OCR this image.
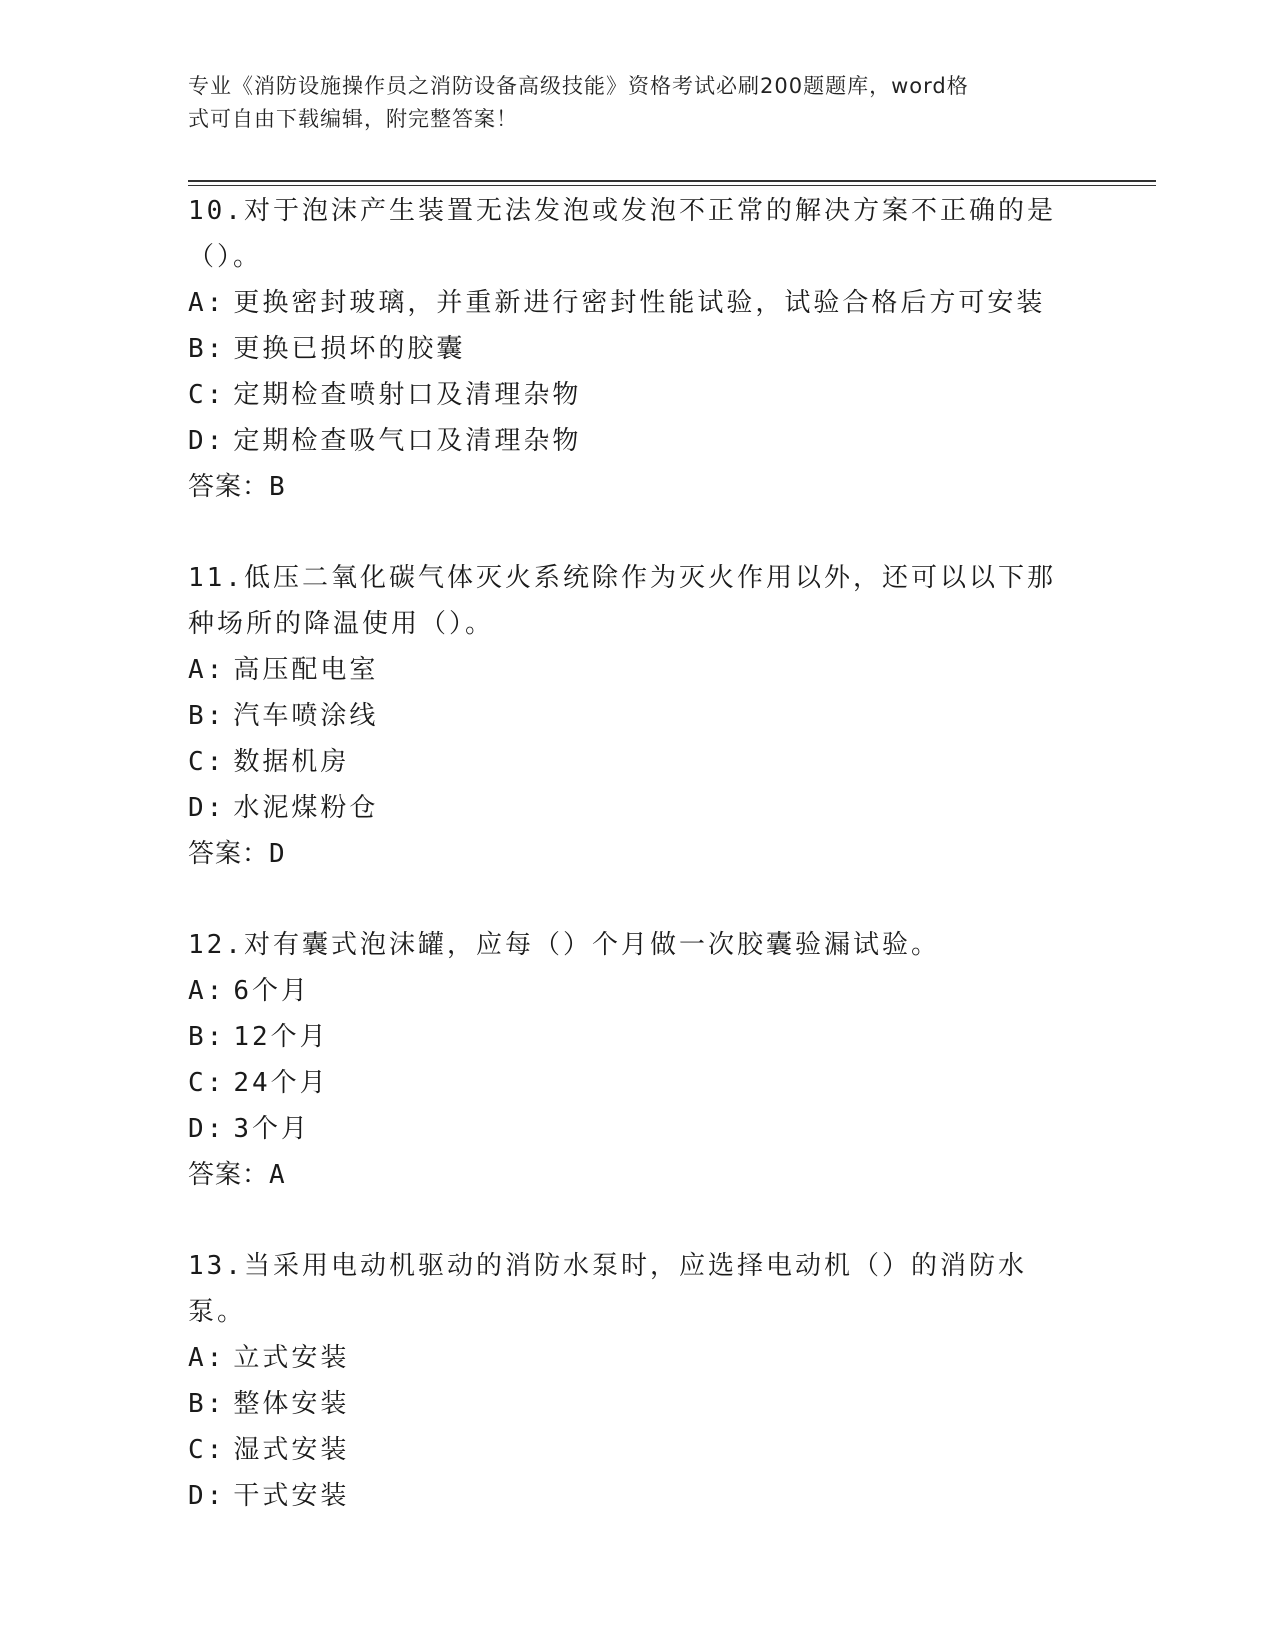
专业《消防设施操作员之消防设备高级技能》资格考试必刷200题题库，word格
式可自由下载编辑，附完整答案！
10.对于泡沫产生装置无法发泡或发泡不正常的解决方案不正确的是（）。
A: 更换密封玻璃，并重新进行密封性能试验，试验合格后方可安装
B: 更换已损坏的胶囊
C: 定期检查喷射口及清理杂物
D: 定期检查吸气口及清理杂物
答案：B
11.低压二氧化碳气体灭火系统除作为灭火作用以外，还可以以下那种场所的降温使用（）。
A: 高压配电室
B: 汽车喷涂线
C: 数据机房
D: 水泥煤粉仓
答案：D
12.对有囊式泡沫罐，应每（）个月做一次胶囊验漏试验。
A: 6个月
B: 12个月
C: 24个月
D: 3个月
答案：A
13.当采用电动机驱动的消防水泵时，应选择电动机（）的消防水泵。
A: 立式安装
B: 整体安装
C: 湿式安装
D: 干式安装
